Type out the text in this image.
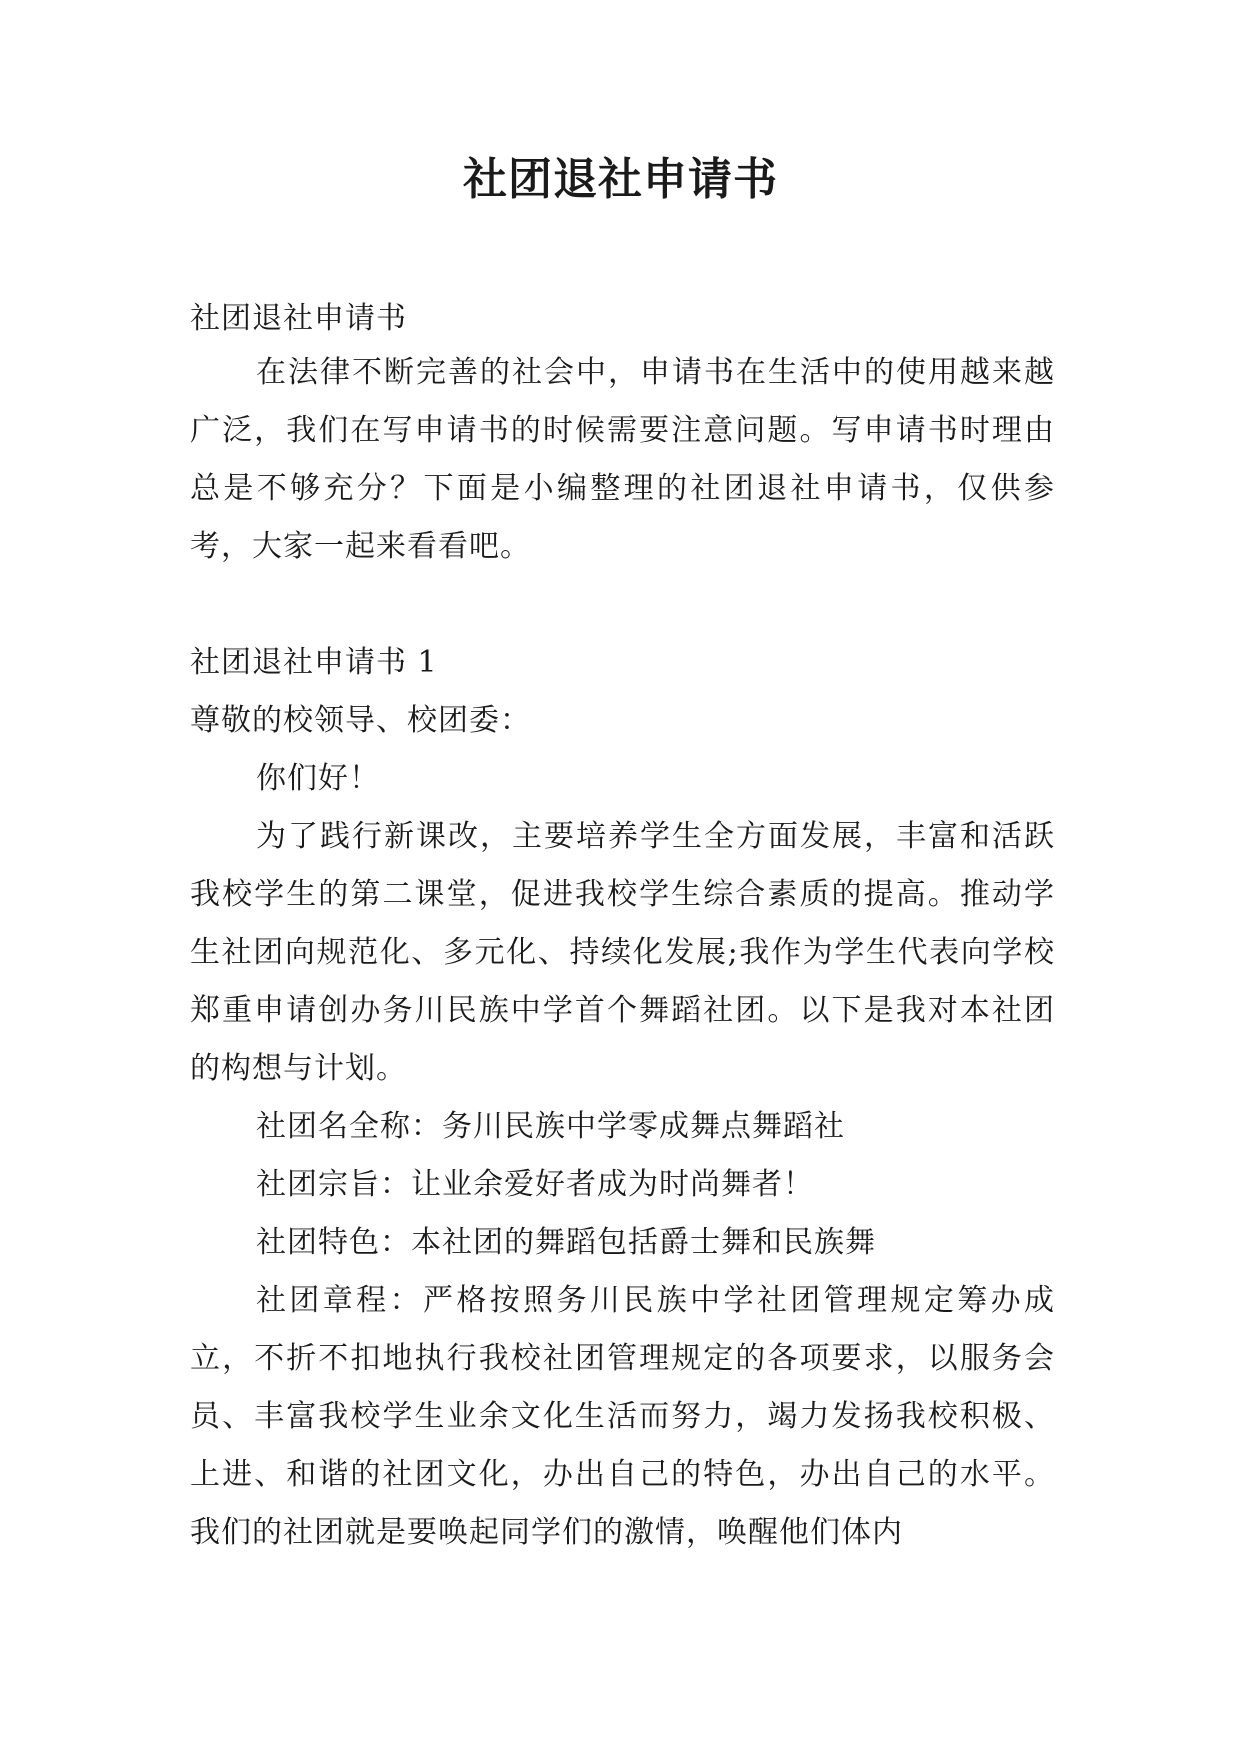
社团退社申请书

社团退社申请书

在法律不断完善的社会中，申请书在生活中的使用越来越广泛，我们在写申请书的时候需要注意问题。写申请书时理由总是不够充分？下面是小编整理的社团退社申请书，仅供参考，大家一起来看看吧。

社团退社申请书 1

尊敬的校领导、校团委：

你们好！

为了践行新课改，主要培养学生全方面发展，丰富和活跃我校学生的第二课堂，促进我校学生综合素质的提高。推动学生社团向规范化、多元化、持续化发展;我作为学生代表向学校郑重申请创办务川民族中学首个舞蹈社团。以下是我对本社团的构想与计划。

社团名全称：务川民族中学零成舞点舞蹈社

社团宗旨：让业余爱好者成为时尚舞者！

社团特色：本社团的舞蹈包括爵士舞和民族舞

社团章程：严格按照务川民族中学社团管理规定筹办成立，不折不扣地执行我校社团管理规定的各项要求，以服务会员、丰富我校学生业余文化生活而努力，竭力发扬我校积极、上进、和谐的社团文化，办出自己的特色，办出自己的水平。我们的社团就是要唤起同学们的激情，唤醒他们体内
